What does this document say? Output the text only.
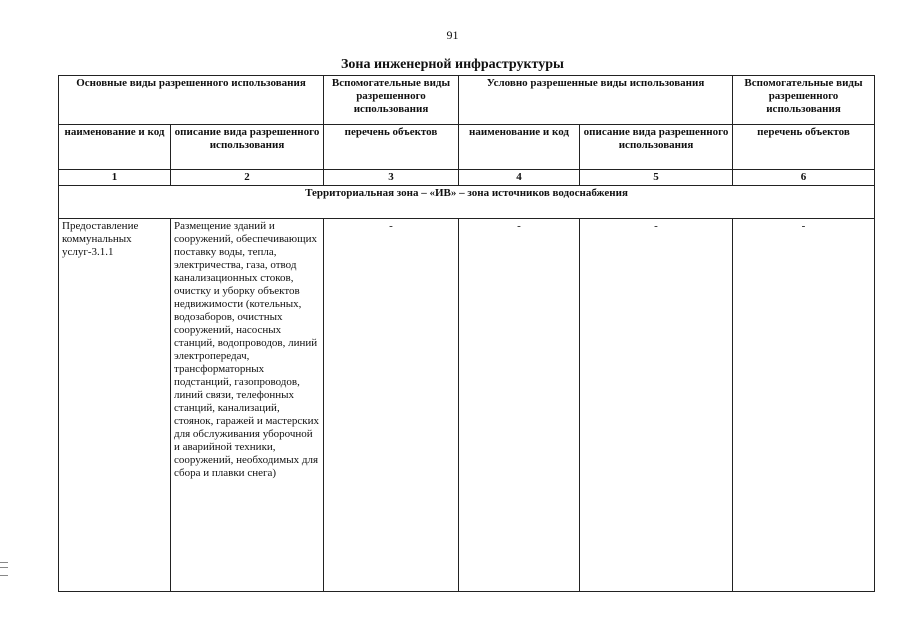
91
Зона инженерной инфраструктуры
Основные виды разрешенного использования		Вспомогательные виды разрешенного использования	Условно разрешенные виды использования		Вспомогательные виды разрешенного использования
наименование и код	описание вида разрешенного использования	перечень объектов	наименование и код	описание вида разрешенного использования	перечень объектов
1	2	3	4	5	6
Территориальная зона – «ИВ» – зона источников водоснабжения					
Предоставление коммунальных услуг-3.1.1	Размещение зданий и сооружений, обеспечивающих поставку воды, тепла, электричества, газа, отвод канализационных стоков, очистку и уборку объектов недвижимости (котельных, водозаборов, очистных сооружений, насосных станций, водопроводов, линий электропередач, трансформаторных подстанций, газопроводов, линий связи, телефонных станций, канализаций, стоянок, гаражей и мастерских для обслуживания уборочной и аварийной техники, сооружений, необходимых для сбора и плавки снега)	-	-	-	-
